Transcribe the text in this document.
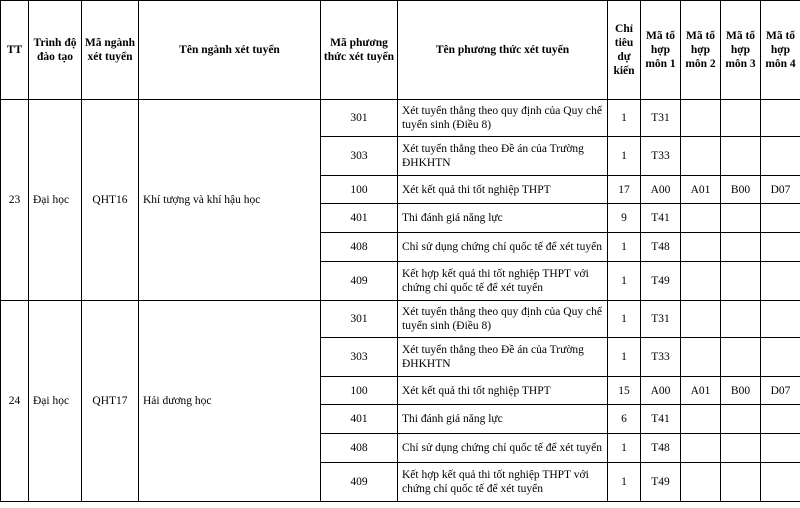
TT	Trình độ đào tạo	Mã ngành xét tuyển	Tên ngành xét tuyển	Mã phương thức xét tuyển	Tên phương thức xét tuyển	Chỉ tiêu dự kiến	Mã tổ hợp môn 1	Mã tổ hợp môn 2	Mã tổ hợp môn 3	Mã tổ hợp môn 4
23	Đại học	QHT16	Khí tượng và khí hậu học	301	Xét tuyển thẳng theo quy định của Quy chế tuyển sinh (Điều 8)	1	T31			
				303	Xét tuyển thẳng theo Đề án của Trường ĐHKHTN	1	T33			
				100	Xét kết quả thi tốt nghiệp THPT	17	A00	A01	B00	D07
				401	Thi đánh giá năng lực	9	T41			
				408	Chỉ sử dụng chứng chỉ quốc tế để xét tuyển	1	T48			
				409	Kết hợp kết quả thi tốt nghiệp THPT với chứng chỉ quốc tế để xét tuyển	1	T49			
24	Đại học	QHT17	Hải dương học	301	Xét tuyển thẳng theo quy định của Quy chế tuyển sinh (Điều 8)	1	T31			
				303	Xét tuyển thẳng theo Đề án của Trường ĐHKHTN	1	T33			
				100	Xét kết quả thi tốt nghiệp THPT	15	A00	A01	B00	D07
				401	Thi đánh giá năng lực	6	T41			
				408	Chỉ sử dụng chứng chỉ quốc tế để xét tuyển	1	T48			
				409	Kết hợp kết quả thi tốt nghiệp THPT với chứng chỉ quốc tế để xét tuyển	1	T49			
